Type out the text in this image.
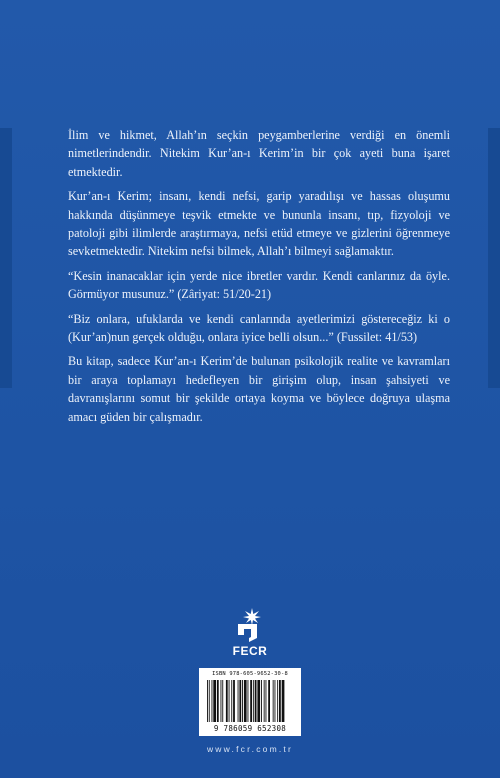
İlim ve hikmet, Allah’ın seçkin peygamberlerine verdiği en önemli nimetlerindendir. Nitekim Kur’an-ı Kerim’in bir çok ayeti buna işaret etmektedir.

Kur’an-ı Kerim; insanı, kendi nefsi, garip yaradılışı ve hassas oluşumu hakkında düşünmeye teşvik etmekte ve bununla insanı, tıp, fizyoloji ve patoloji gibi ilimlerde araştırmaya, nefsi etüd etmeye ve gizlerini öğrenmeye sevketmektedir. Nitekim nefsi bilmek, Allah’ı bilmeyi sağlamaktır.

“Kesin inanacaklar için yerde nice ibretler vardır. Kendi canlarınız da öyle. Görmüyor musunuz.” (Zâriyat: 51/20-21)

“Biz onlara, ufuklarda ve kendi canlarında ayetlerimizi göstereceğiz ki o (Kur’an)nun gerçek olduğu, onlara iyice belli olsun...” (Fussilet: 41/53)

Bu kitap, sadece Kur’an-ı Kerim’de bulunan psikolojik realite ve kavramları bir araya toplamayı hedefleyen bir girişim olup, insan şahsiyeti ve davranışlarını somut bir şekilde ortaya koyma ve böylece doğruya ulaşma amacı güden bir çalışmadır.

FECR
ISBN 978-605-9652-30-8
9 786059 652308
www.fcr.com.tr
